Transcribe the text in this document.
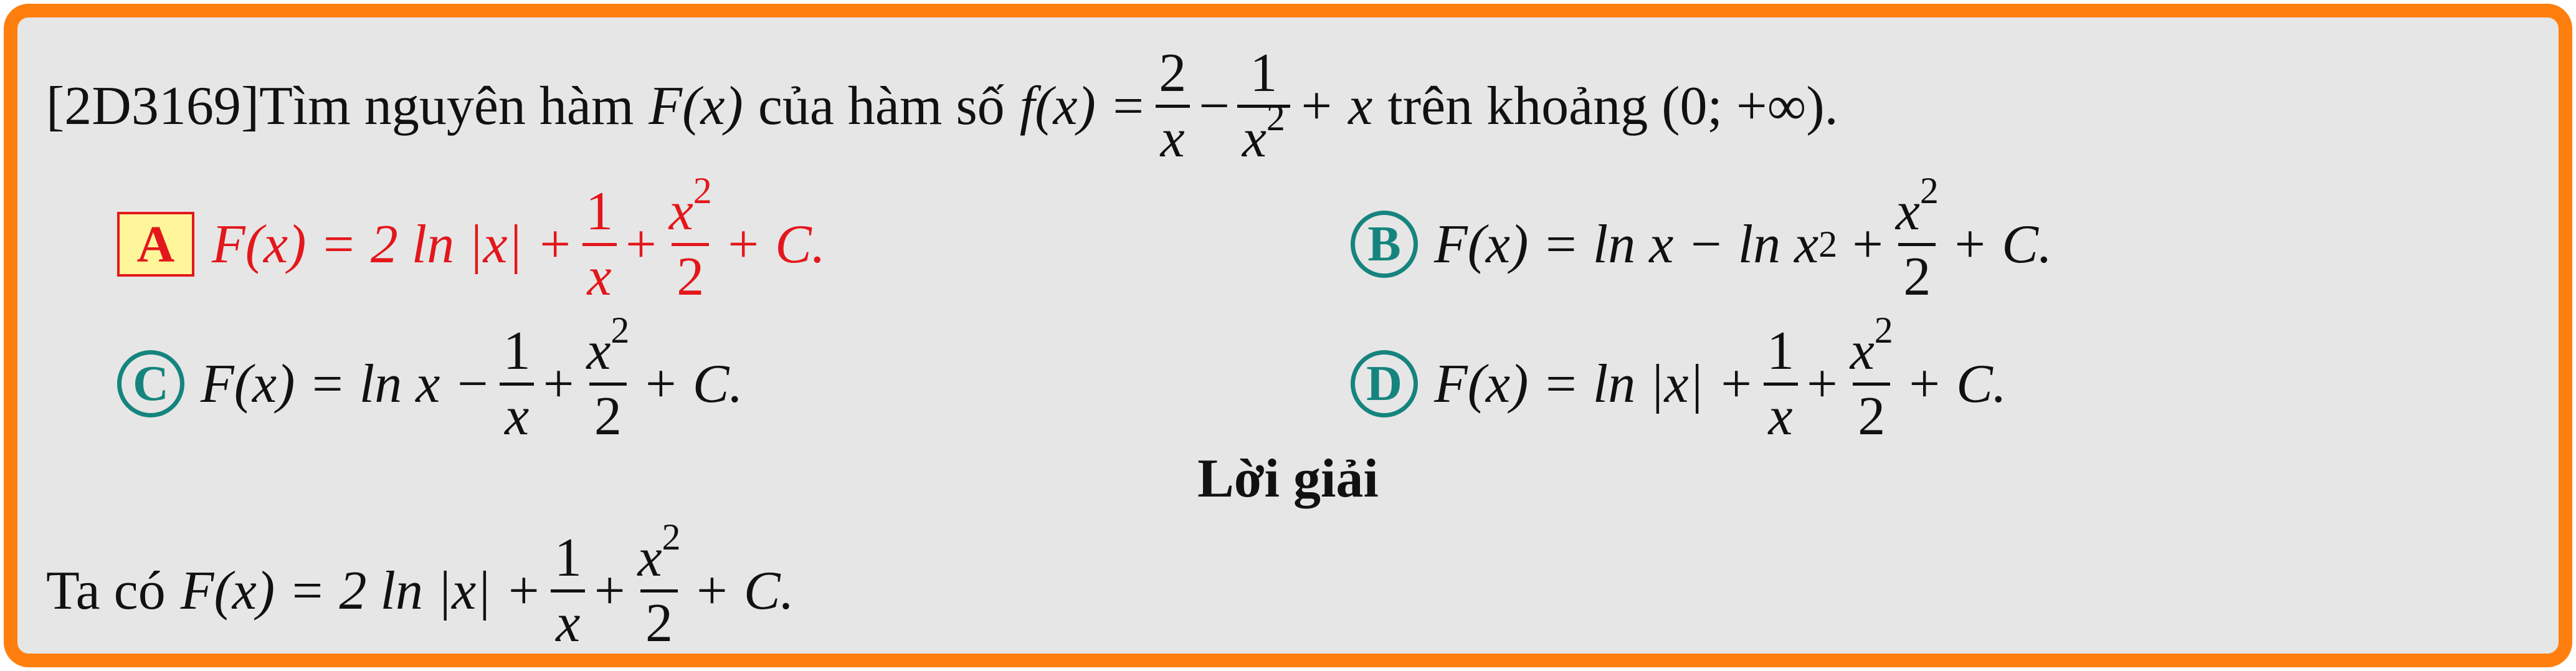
[2D3169] Tìm nguyên hàm F(x) của hàm số $f(x) = \frac{2}{x} - \frac{1}{x^2} + x$ trên khoảng (0; +∞).
A F(x) = 2 $\ln |x| + \frac{1}{x} + \frac{x^2}{2} + C$.	B F(x) = ln x − ln x $2 + \frac{x^2}{2} + C$.
C $F(x) = \ln x - \frac{1}{x} + \frac{x^2}{2} + C$.	D $F(x) = \ln |x| + \frac{1}{x} + \frac{x^2}{2} + C$.
Lời giải
Ta có F(x) = 2 $\ln |x| + \frac{1}{x} + \frac{x^2}{2} + C$.
